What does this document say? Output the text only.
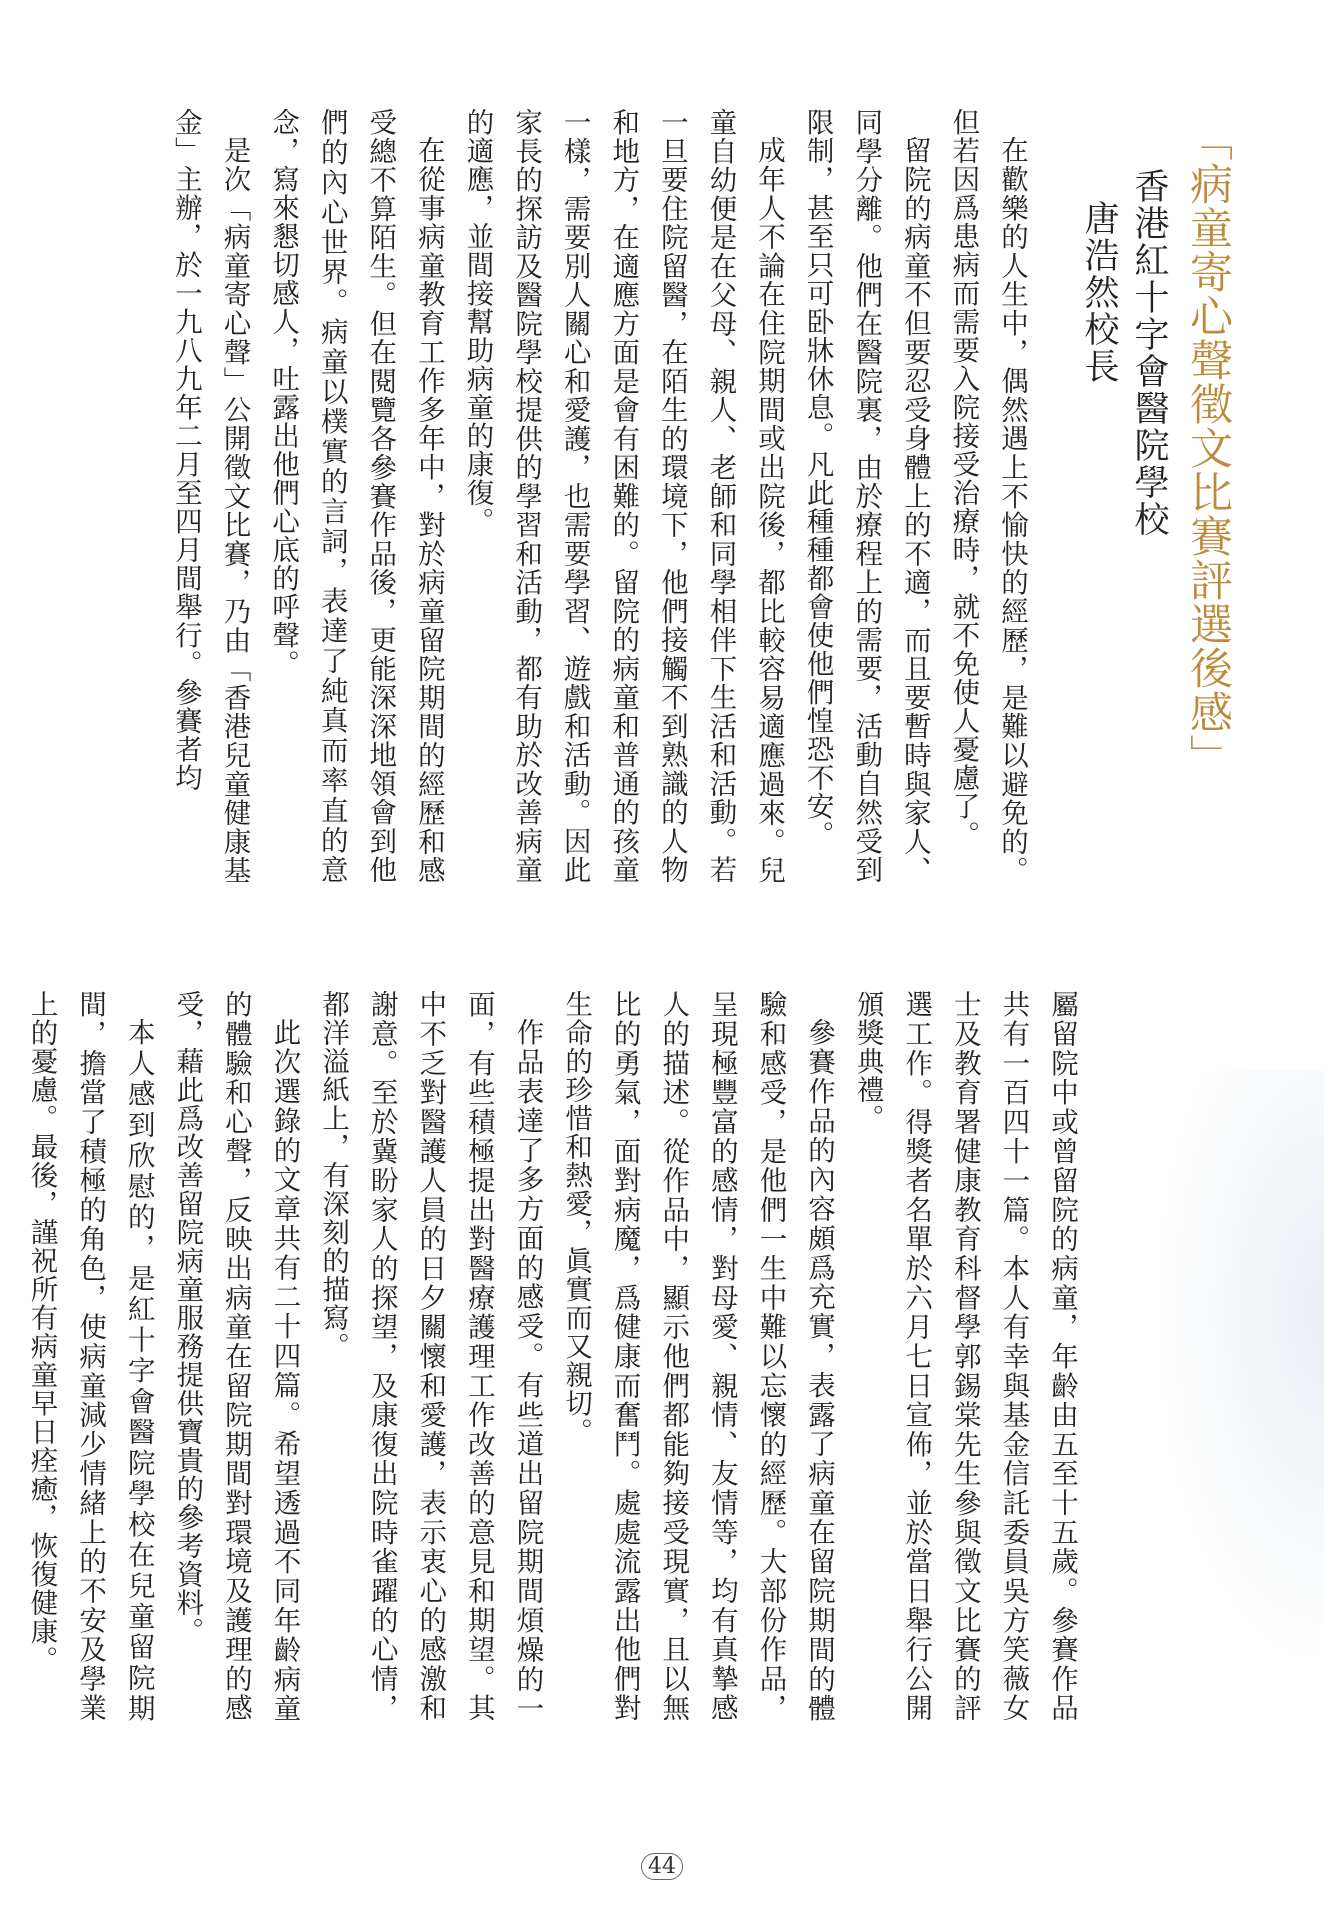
「病童寄心聲徵文比賽評選後感」
香港紅十字會醫院學校
唐浩然校長

在歡樂的人生中，偶然遇上不愉快的經歷，是難以避免的。但若因爲患病而需要入院接受治療時，就不免使人憂慮了。

留院的病童不但要忍受身體上的不適，而且要暫時與家人、同學分離。他們在醫院裏，由於療程上的需要，活動自然受到限制，甚至只可卧牀休息。凡此種種都會使他們惶恐不安。

成年人不論在住院期間或出院後，都比較容易適應過來。兒童自幼便是在父母、親人、老師和同學相伴下生活和活動。若一旦要住院留醫，在陌生的環境下，他們接觸不到熟識的人物和地方，在適應方面是會有困難的。留院的病童和普通的孩童一樣，需要別人關心和愛護，也需要學習、遊戲和活動。因此家長的探訪及醫院學校提供的學習和活動，都有助於改善病童的適應，並間接幫助病童的康復。

在從事病童教育工作多年中，對於病童留院期間的經歷和感受總不算陌生。但在閱覽各參賽作品後，更能深深地領會到他們的內心世界。病童以樸實的言詞，表達了純真而率直的意念，寫來懇切感人，吐露出他們心底的呼聲。

是次「病童寄心聲」公開徵文比賽，乃由「香港兒童健康基金」主辦，於一九八九年二月至四月間舉行。參賽者均

屬留院中或曾留院的病童，年齡由五至十五歲。參賽作品共有一百四十一篇。本人有幸與基金信託委員吳方笑薇女士及教育署健康教育科督學郭錫棠先生參與徵文比賽的評選工作。得獎者名單於六月七日宣佈，並於當日舉行公開頒獎典禮。

參賽作品的內容頗爲充實，表露了病童在留院期間的體驗和感受，是他們一生中難以忘懷的經歷。大部份作品，呈現極豐富的感情，對母愛、親情、友情等，均有真摯感人的描述。從作品中，顯示他們都能夠接受現實，且以無比的勇氣，面對病魔，爲健康而奮鬥。處處流露出他們對生命的珍惜和熱愛，眞實而又親切。

作品表達了多方面的感受。有些道出留院期間煩燥的一面，有些積極提出對醫療護理工作改善的意見和期望。其中不乏對醫護人員的日夕關懷和愛護，表示衷心的感激和謝意。至於冀盼家人的探望，及康復出院時雀躍的心情，都洋溢紙上，有深刻的描寫。

此次選錄的文章共有二十四篇。希望透過不同年齡病童的體驗和心聲，反映出病童在留院期間對環境及護理的感受，藉此爲改善留院病童服務提供寶貴的參考資料。

本人感到欣慰的，是紅十字會醫院學校在兒童留院期間，擔當了積極的角色，使病童減少情緒上的不安及學業上的憂慮。最後，謹祝所有病童早日痊癒，恢復健康。

44
